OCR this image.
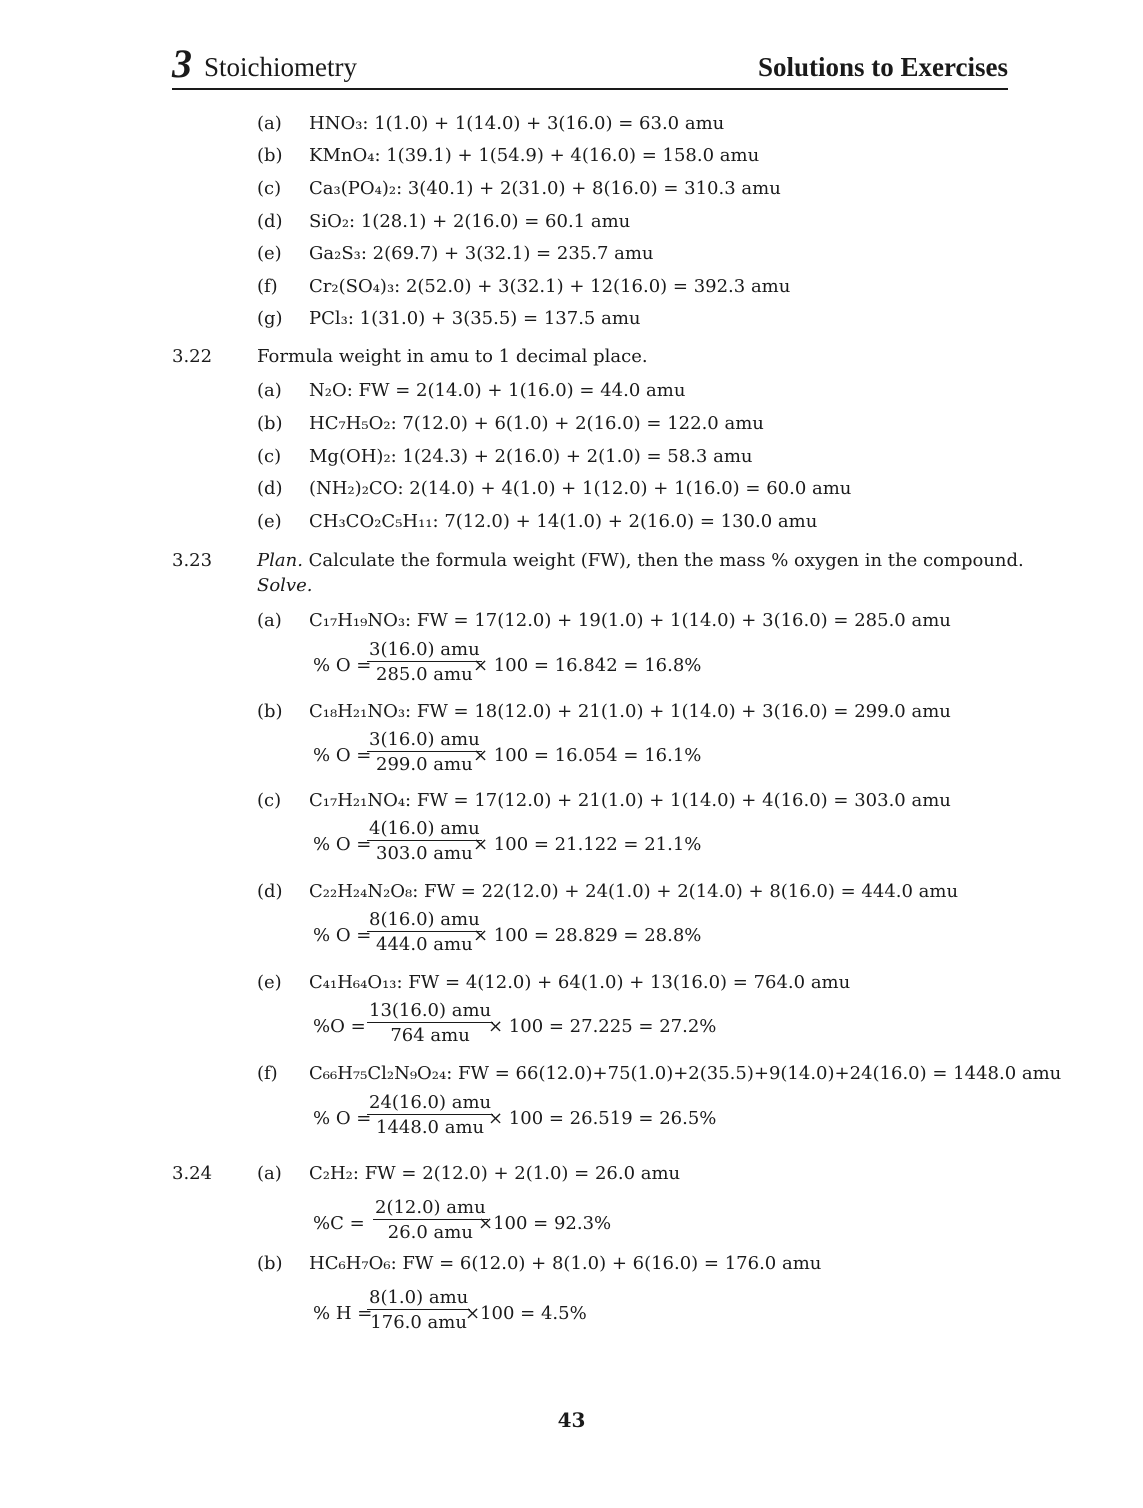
3 Stoichiometry	Solutions to Exercises
(a) HNO₃: 1(1.0) + 1(14.0) + 3(16.0) = 63.0 amu
(b) KMnO₄: 1(39.1) + 1(54.9) + 4(16.0) = 158.0 amu
(c) Ca₃(PO₄)₂: 3(40.1) + 2(31.0) + 8(16.0) = 310.3 amu
(d) SiO₂: 1(28.1) + 2(16.0) = 60.1 amu
(e) Ga₂S₃: 2(69.7) + 3(32.1) = 235.7 amu
(f) Cr₂(SO₄)₃: 2(52.0) + 3(32.1) + 12(16.0) = 392.3 amu
(g) PCl₃: 1(31.0) + 3(35.5) = 137.5 amu
3.22 Formula weight in amu to 1 decimal place.
(a) N₂O: FW = 2(14.0) + 1(16.0) = 44.0 amu
(b) HC₇H₅O₂: 7(12.0) + 6(1.0) + 2(16.0) = 122.0 amu
(c) Mg(OH)₂: 1(24.3) + 2(16.0) + 2(1.0) = 58.3 amu
(d) (NH₂)₂CO: 2(14.0) + 4(1.0) + 1(12.0) + 1(16.0) = 60.0 amu
(e) CH₃CO₂C₅H₁₁: 7(12.0) + 14(1.0) + 2(16.0) = 130.0 amu
3.23 Plan. Calculate the formula weight (FW), then the mass % oxygen in the compound.
Solve.
(a) C₁₇H₁₉NO₃: FW = 17(12.0) + 19(1.0) + 1(14.0) + 3(16.0) = 285.0 amu
% O =
3(16.0) amu
285.0 amu × 100 = 16.842 = 16.8%
(b) C₁₈H₂₁NO₃: FW = 18(12.0) + 21(1.0) + 1(14.0) + 3(16.0) = 299.0 amu
% O =
3(16.0) amu
299.0 amu × 100 = 16.054 = 16.1%
(c) C₁₇H₂₁NO₄: FW = 17(12.0) + 21(1.0) + 1(14.0) + 4(16.0) = 303.0 amu
% O =
4(16.0) amu
303.0 amu × 100 = 21.122 = 21.1%
(d) C₂₂H₂₄N₂O₈: FW = 22(12.0) + 24(1.0) + 2(14.0) + 8(16.0) = 444.0 amu
% O =
8(16.0) amu
444.0 amu × 100 = 28.829 = 28.8%
(e) C₄₁H₆₄O₁₃: FW = 4(12.0) + 64(1.0) + 13(16.0) = 764.0 amu
%O =
13(16.0) amu
764 amu	× 100 = 27.225 = 27.2%
(f) C₆₆H₇₅Cl₂N₉O₂₄: FW = 66(12.0)+75(1.0)+2(35.5)+9(14.0)+24(16.0) = 1448.0 amu
% O =
24(16.0) amu
1448.0 amu × 100 = 26.519 = 26.5%
3.24 (a) C₂H₂: FW = 2(12.0) + 2(1.0) = 26.0 amu
%C =
2(12.0) amu
26.0 amu ×100 = 92.3%
(b) HC₆H₇O₆: FW = 6(12.0) + 8(1.0) + 6(16.0) = 176.0 amu
% H =
8(1.0) amu
176.0 amu
×100 = 4.5%
43
